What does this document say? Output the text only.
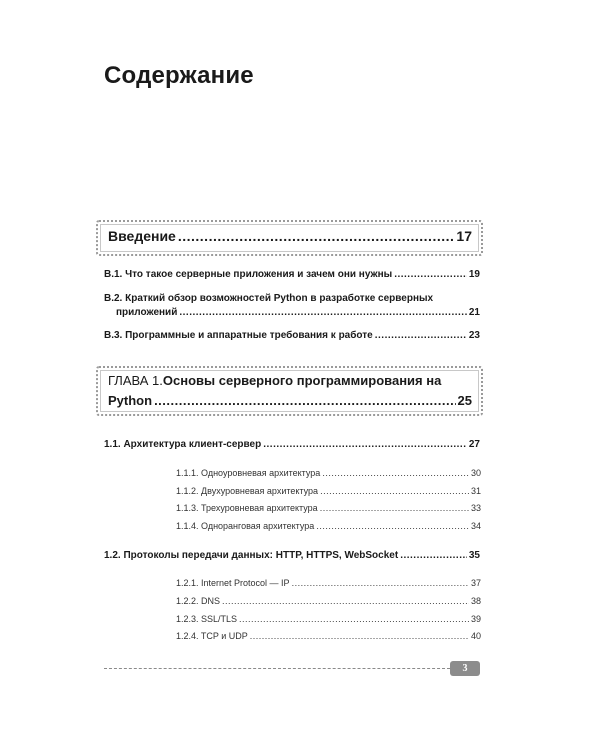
Содержание
Введение .....	17
В.1. Что такое серверные приложения и зачем они нужны .....	19
В.2. Краткий обзор возможностей Python в разработке серверных
приложений .....	21
В.3. Программные и аппаратные требования к работе .....	23
ГЛАВА 1.Основы серверного программирования на
Python .....	25
1.1. Архитектура клиент-сервер .....	27
1.1.1. Одноуровневая архитектура .....	30
1.1.2. Двухуровневая архитектура .....	31
1.1.3. Трехуровневая архитектура .....	33
1.1.4. Одноранговая архитектура .....	34
1.2. Протоколы передачи данных: HTTP, HTTPS, WebSocket .....	35
1.2.1. Internet Protocol — IP .....	37
1.2.2. DNS .....	38
1.2.3. SSL/TLS .....	39
1.2.4. TCP и UDP .....	40
3
